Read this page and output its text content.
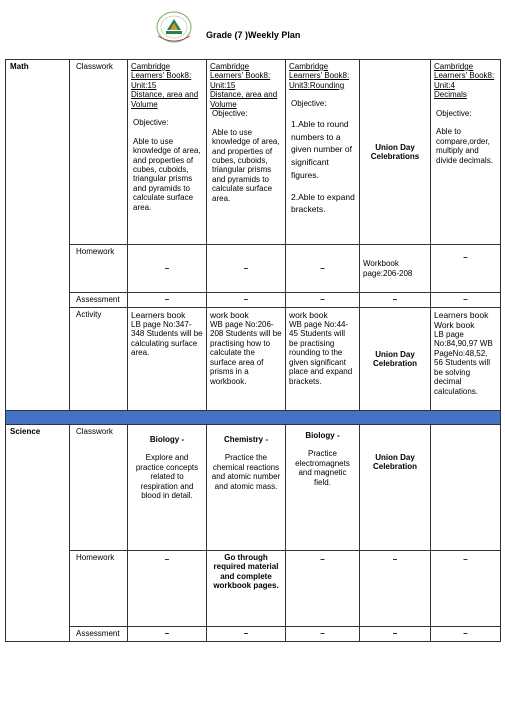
Grade (7 )Weekly Plan
Math	Classwork	Cambridge Learners' Book8:
Unit:15
Distance, area and Volume
Objective:
Able to use knowledge of area, and properties of cubes, cuboids, triangular prisms and pyramids to calculate surface area.	Cambridge Learners' Book8:
Unit:15
Distance, area and Volume
Objective:
Able to use knowledge of area, and properties of cubes, cuboids, triangular prisms and pyramids to calculate surface area.	Cambridge Learners' Book8:
Unit3:Rounding
Objective:
1.Able to round numbers to a given number of significant figures.
2.Able to expand brackets.	Union Day Celebrations	Cambridge Learners' Book8:
Unit:4
Decimals
Objective:
Able to compare,order, multiply and divide decimals.

	Homework	–	–	–	Workbook page:206-208	–
	Assessment	–	–	–	–	–
	Activity	Learners book
LB page No:347-348 Students will be calculating surface area.	work book
WB page No:206-208 Students will be practising how to calculate the surface area of prisms in a workbook.	work book
WB page No:44-45 Students will be practising rounding to the given significant place and expand brackets.	Union Day Celebration	Learners book Work book
LB page No:84,90,97 WB PageNo:48,52, 56 Students will be solving decimal calculations.

Science	Classwork	Biology -
Explore and practice concepts related to respiration and blood in detail.	Chemistry -
Practice the chemical reactions and atomic number and atomic mass.	Biology -
Practice electromagnets and magnetic field.	Union Day Celebration	
	Homework	–	Go through required material and complete workbook pages.	–	–	–
	Assessment	–	–	–	–	–
